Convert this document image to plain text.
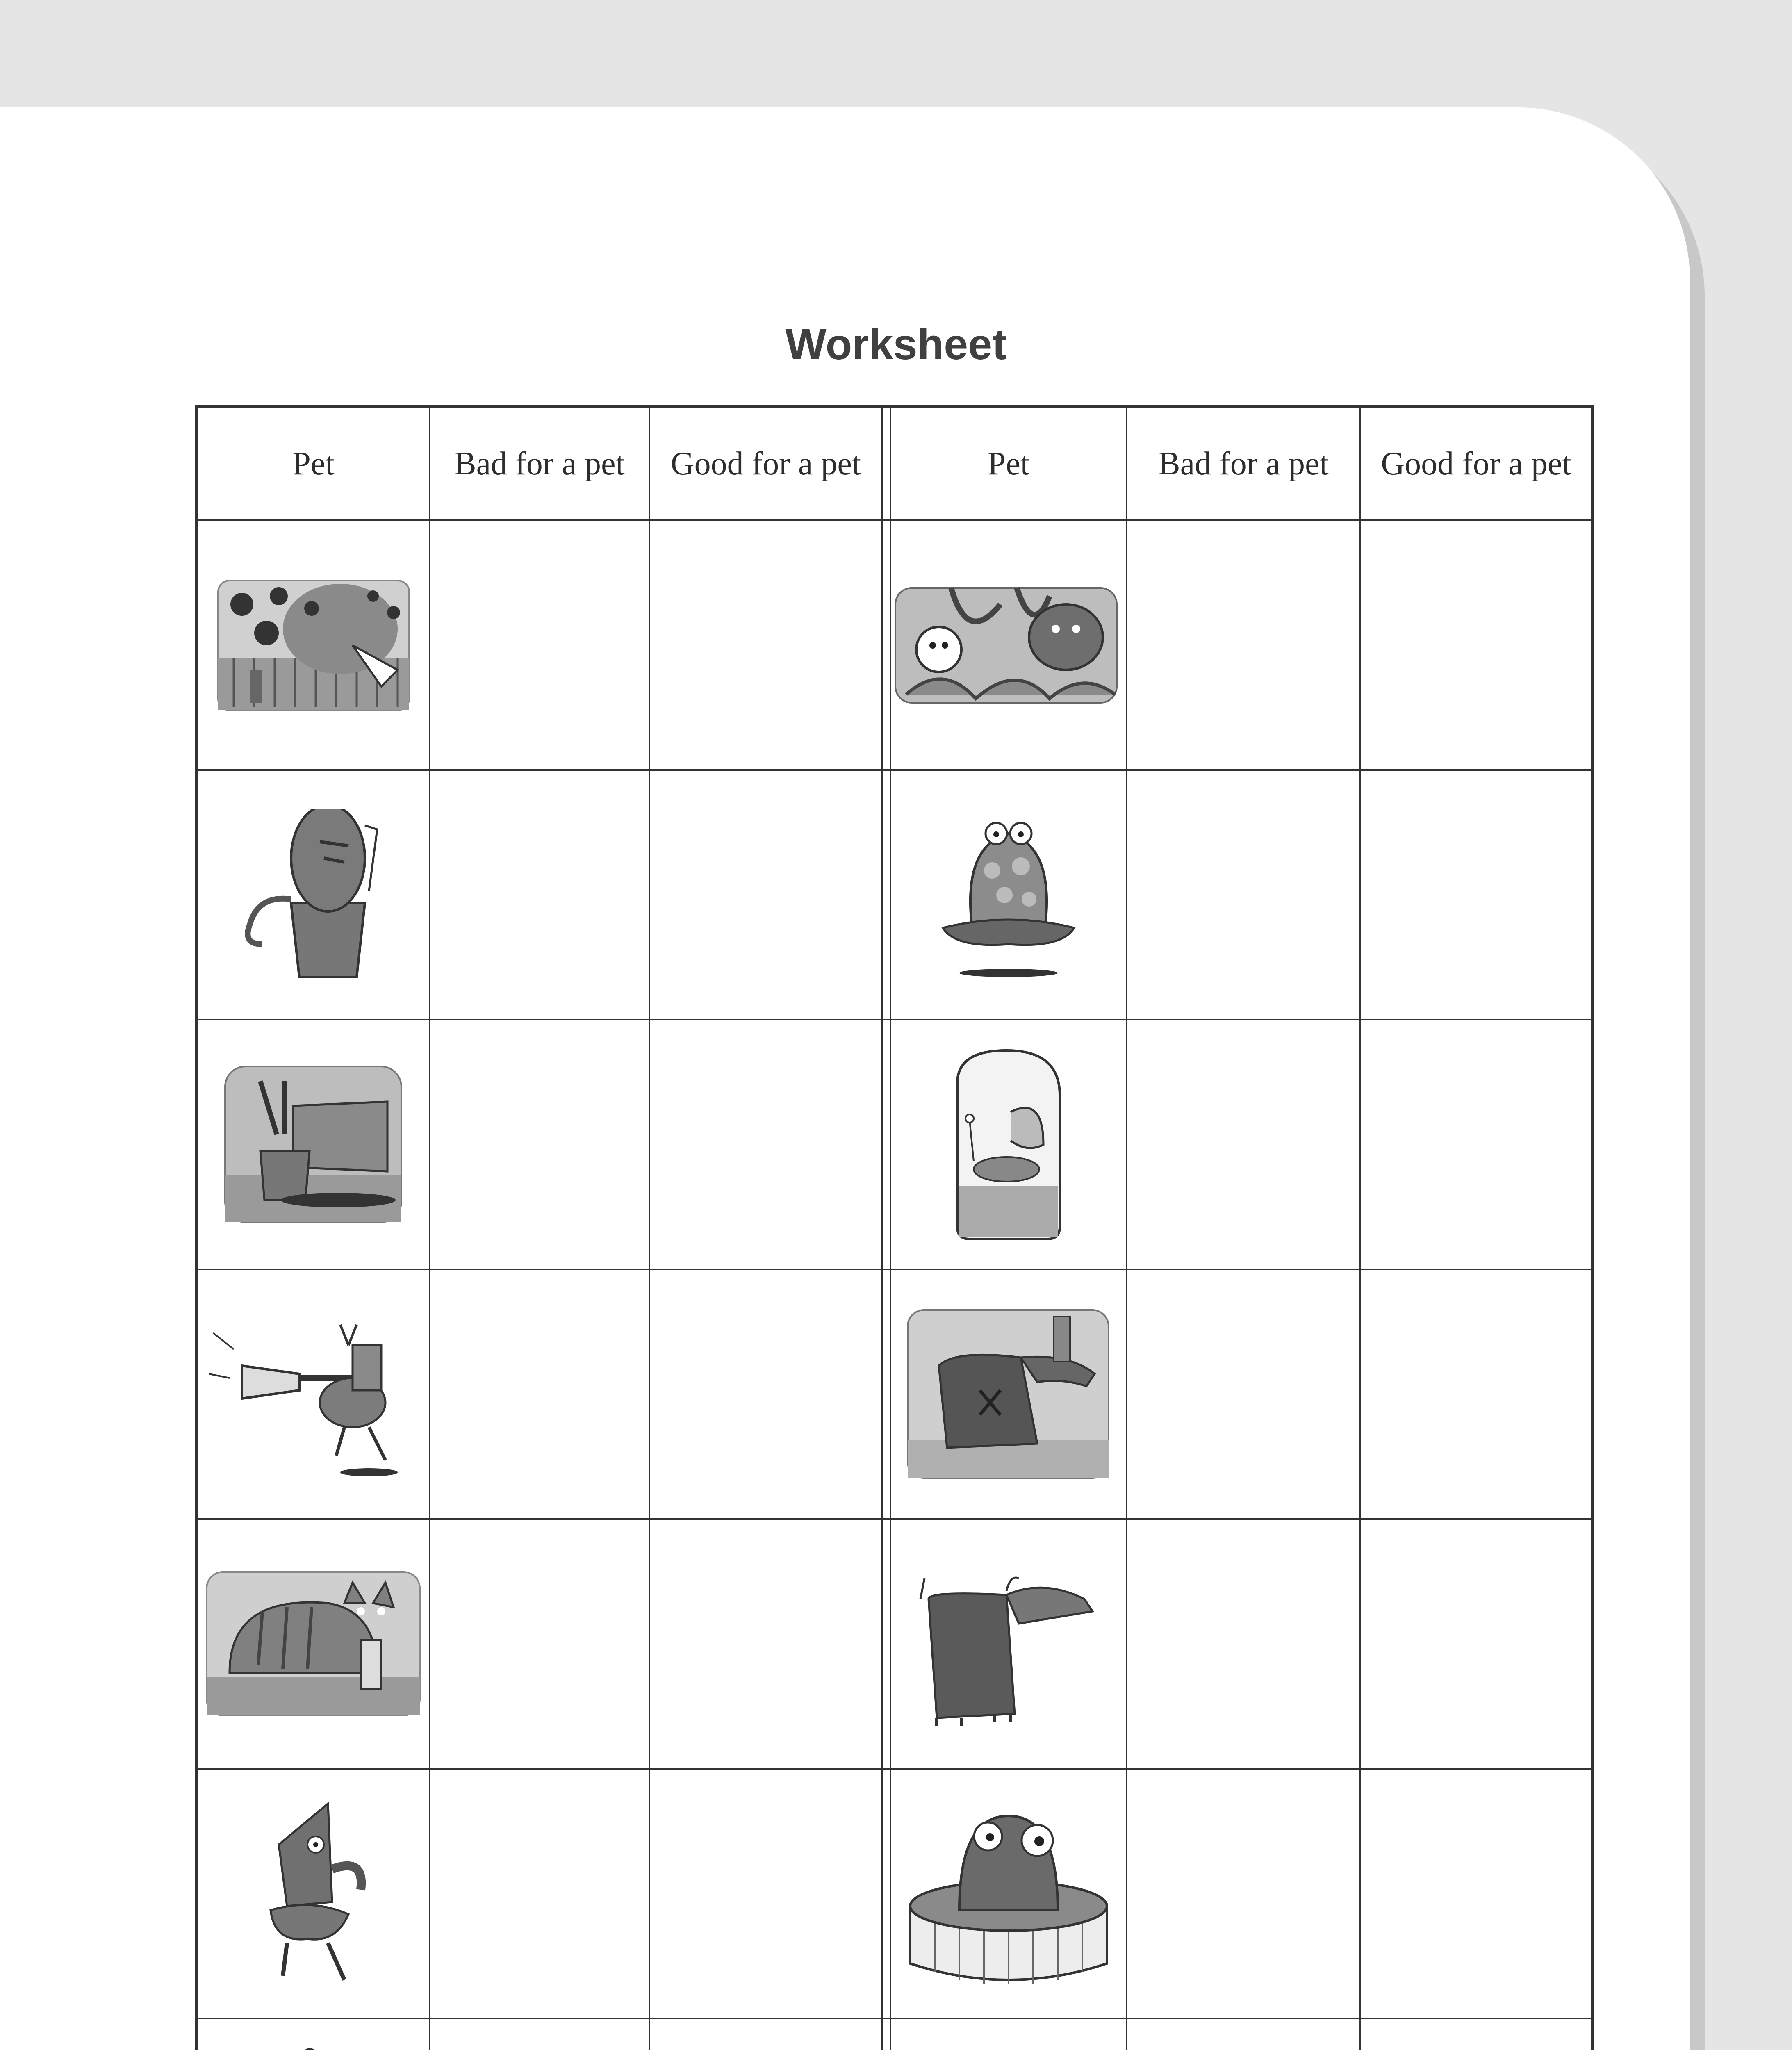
Worksheet
Pet	Bad for a pet	Good for a pet	Pet	Bad for a pet	Good for a pet
